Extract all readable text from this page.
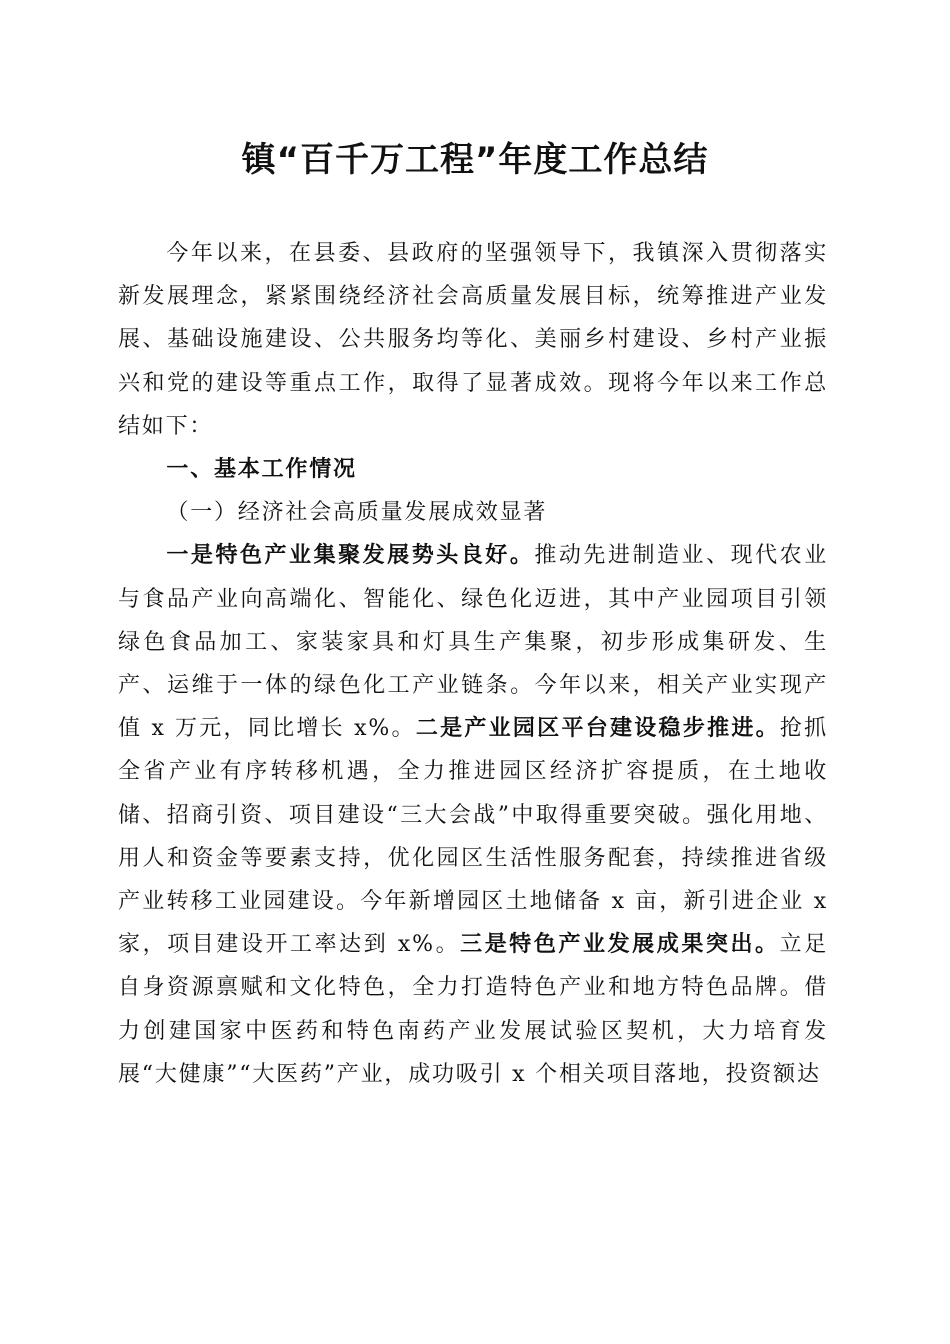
镇“百千万工程”年度工作总结

今年以来，在县委、县政府的坚强领导下，我镇深入贯彻落实新发展理念，紧紧围绕经济社会高质量发展目标，统筹推进产业发展、基础设施建设、公共服务均等化、美丽乡村建设、乡村产业振兴和党的建设等重点工作，取得了显著成效。现将今年以来工作总结如下：

一、基本工作情况

（一）经济社会高质量发展成效显著

一是特色产业集聚发展势头良好。推动先进制造业、现代农业与食品产业向高端化、智能化、绿色化迈进，其中产业园项目引领绿色食品加工、家装家具和灯具生产集聚，初步形成集研发、生产、运维于一体的绿色化工产业链条。今年以来，相关产业实现产值 x 万元，同比增长 x%。二是产业园区平台建设稳步推进。抢抓全省产业有序转移机遇，全力推进园区经济扩容提质，在土地收储、招商引资、项目建设“三大会战”中取得重要突破。强化用地、用人和资金等要素支持，优化园区生活性服务配套，持续推进省级产业转移工业园建设。今年新增园区土地储备 x 亩，新引进企业 x 家，项目建设开工率达到 x%。三是特色产业发展成果突出。立足自身资源禀赋和文化特色，全力打造特色产业和地方特色品牌。借力创建国家中医药和特色南药产业发展试验区契机，大力培育发展“大健康”“大医药”产业，成功吸引 x 个相关项目落地，投资额达
